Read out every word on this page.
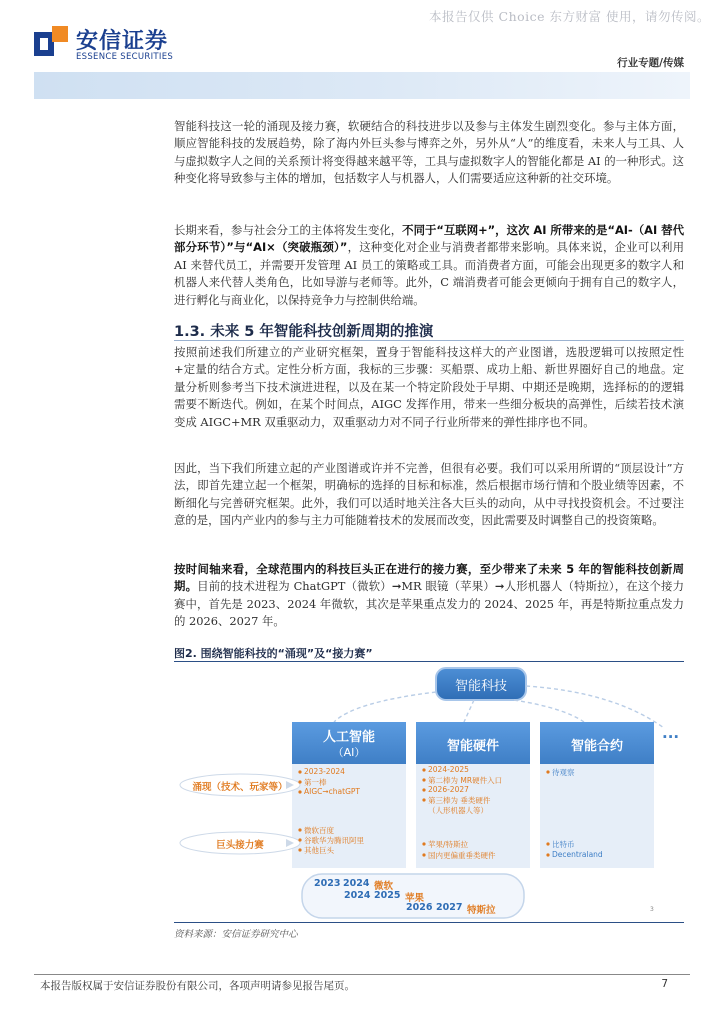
本报告仅供 Choice 东方财富 使用，请勿传阅。
安信证券
ESSENCE SECURITIES	行业专题/传媒
智能科技这一轮的涌现及接力赛，软硬结合的科技进步以及参与主体发生剧烈变化。参与主体方面，顺应智能科技的发展趋势，除了海内外巨头参与博弈之外，另外从“人”的维度看，未来人与工具、人与虚拟数字人之间的关系预计将变得越来越平等，工具与虚拟数字人的智能化都是 AI 的一种形式。这种变化将导致参与主体的增加，包括数字人与机器人，人们需要适应这种新的社交环境。
长期来看，参与社会分工的主体将发生变化，不同于“互联网+”，这次 AI 所带来的是“AI-（AI 替代部分环节）”与“AI×（突破瓶颈）”，这种变化对企业与消费者都带来影响。具体来说，企业可以利用 AI 来替代员工，并需要开发管理 AI 员工的策略或工具。而消费者方面，可能会出现更多的数字人和机器人来代替人类角色，比如导游与老师等。此外，C 端消费者可能会更倾向于拥有自己的数字人，进行孵化与商业化，以保持竞争力与控制供给端。
1.3. 未来 5 年智能科技创新周期的推演
按照前述我们所建立的产业研究框架，置身于智能科技这样大的产业图谱，选股逻辑可以按照定性+定量的结合方式。定性分析方面，我标的三步骤：买船票、成功上船、新世界圈好自己的地盘。定量分析则参考当下技术演进进程，以及在某一个特定阶段处于早期、中期还是晚期，选择标的的逻辑需要不断迭代。例如，在某个时间点，AIGC 发挥作用，带来一些细分板块的高弹性，后续若技术演变成 AIGC+MR 双重驱动力，双重驱动力对不同子行业所带来的弹性排序也不同。
因此，当下我们所建立起的产业图谱或许并不完善，但很有必要。我们可以采用所谓的“顶层设计”方法，即首先建立起一个框架，明确标的选择的目标和标准，然后根据市场行情和个股业绩等因素，不断细化与完善研究框架。此外，我们可以适时地关注各大巨头的动向，从中寻找投资机会。不过要注意的是，国内产业内的参与主力可能随着技术的发展而改变，因此需要及时调整自己的投资策略。
按时间轴来看，全球范围内的科技巨头正在进行的接力赛，至少带来了未来 5 年的智能科技创新周期。目前的技术进程为 ChatGPT（微软）➞MR 眼镜（苹果）➞人形机器人（特斯拉），在这个接力赛中，首先是 2023、2024 年微软，其次是苹果重点发力的 2024、2025 年，再是特斯拉重点发力的 2026、2027 年。
图2. 围绕智能科技的“涌现”及“接力赛”
智能科技
人工智能
（AI）	智能硬件	智能合约
···
涌现（技术、玩家等）
巨头接力赛
2023-2024
第一棒
AIGC➞chatGPT
微软百度
谷歌华为腾讯阿里
其他巨头
2024-2025
第二棒为 MR硬件入口
2026-2027
第三棒为 垂类硬件
（人形机器人等）
苹果/特斯拉
国内更偏重垂类硬件
待观察
比特币
Decentraland
2023 2024 微软
2024 2025 苹果
2026 2027 特斯拉	3
资料来源：安信证券研究中心
本报告版权属于安信证券股份有限公司，各项声明请参见报告尾页。	7
